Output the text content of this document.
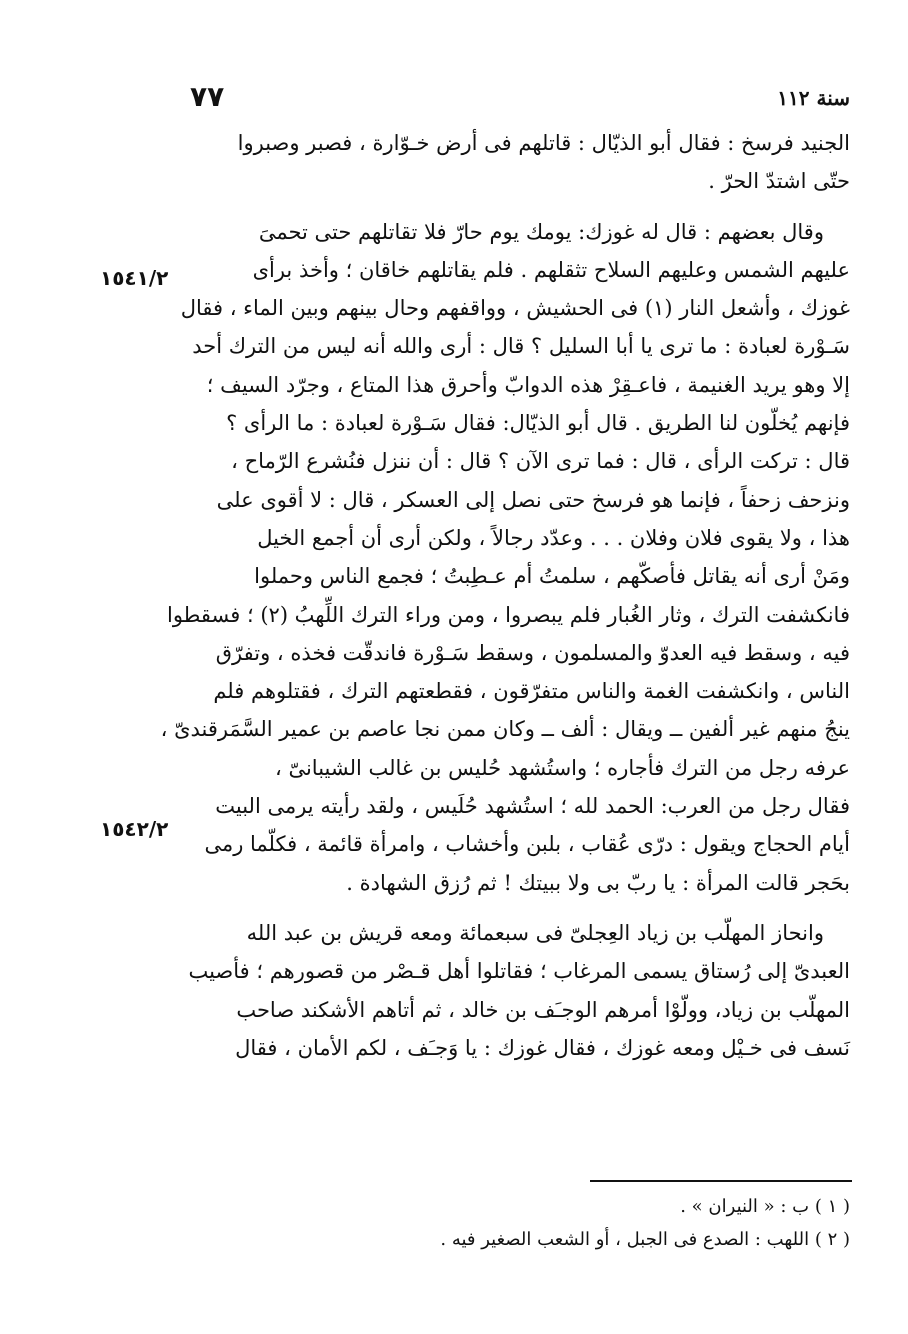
سنة ١١٢
٧٧
١٥٤١/٢
١٥٤٢/٢

الجنيد فرسخ : فقال أبو الذيّال : قاتلهم فى أرض خـوّارة ، فصبر وصبروا
حتّى اشتدّ الحرّ .

وقال بعضهم : قال له غوزك: يومك يوم حارّ فلا تقاتلهم حتى تحمىَ
عليهم الشمس وعليهم السلاح تثقلهم . فلم يقاتلهم خاقان ؛ وأخذ برأى
غوزك ، وأشعل النار (١) فى الحشيش ، وواقفهم وحال بينهم وبين الماء ، فقال
سَـوْرة لعبادة : ما ترى يا أبا السليل ؟ قال : أرى والله أنه ليس من الترك أحد
إلا وهو يريد الغنيمة ، فاعـقِرْ هذه الدوابّ وأحرق هذا المتاع ، وجرّد السيف ؛
فإنهم يُخلّون لنا الطريق . قال أبو الذيّال: فقال سَـوْرة لعبادة : ما الرأى ؟
قال : تركت الرأى ، قال : فما ترى الآن ؟ قال : أن ننزل فنُشرع الرّماح ،
ونزحف زحفاً ، فإنما هو فرسخ حتى نصل إلى العسكر ، قال : لا أقوى على
هذا ، ولا يقوى فلان وفلان . . . وعدّد رجالاً ، ولكن أرى أن أجمع الخيل
ومَنْ أرى أنه يقاتل فأصكّهم ، سلمتُ أم عـطِبتُ ؛ فجمع الناس وحملوا
فانكشفت الترك ، وثار الغُبار فلم يبصروا ، ومن وراء الترك اللِّهبُ (٢) ؛ فسقطوا
فيه ، وسقط فيه العدوّ والمسلمون ، وسقط سَـوْرة فاندقّت فخذه ، وتفرّق
الناس ، وانكشفت الغمة والناس متفرّقون ، فقطعتهم الترك ، فقتلوهم فلم
ينجُ منهم غير ألفين ــ ويقال : ألف ــ وكان ممن نجا عاصم بن عمير السَّمَرقندىّ ،
عرفه رجل من الترك فأجاره ؛ واستُشهد حُليس بن غالب الشيبانىّ ،
فقال رجل من العرب: الحمد لله ؛ استُشهد حُلَيس ، ولقد رأيته يرمى البيت
أيام الحجاج ويقول : درّى عُقاب ، بلبن وأخشاب ، وامرأة قائمة ، فكلّما رمى
بحَجر قالت المرأة : يا ربّ بى ولا ببيتك ! ثم رُزق الشهادة .

وانحاز المهلّب بن زياد العِجلىّ فى سبعمائة ومعه قريش بن عبد الله
العبدىّ إلى رُستاق يسمى المرغاب ؛ فقاتلوا أهل قـصْر من قصورهم ؛ فأصيب
المهلّب بن زياد، وولّوْا أمرهم الوجـَف بن خالد ، ثم أتاهم الأشكند صاحب
نَسف فى خـيْل ومعه غوزك ، فقال غوزك : يا وَجـَف ، لكم الأمان ، فقال

( ١ ) ب : « النيران » .
( ٢ ) اللهب : الصدع فى الجبل ، أو الشعب الصغير فيه .
